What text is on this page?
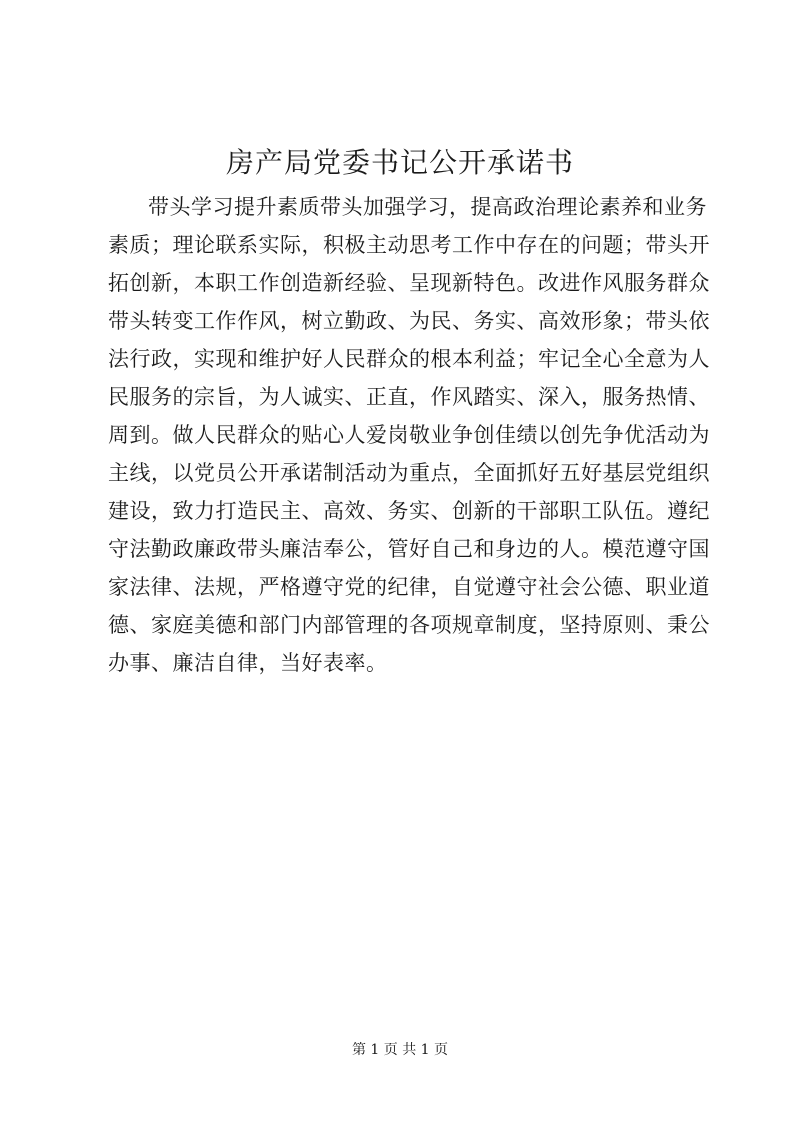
房产局党委书记公开承诺书
带头学习提升素质带头加强学习，提高政治理论素养和业务
素质；理论联系实际，积极主动思考工作中存在的问题；带头开
拓创新，本职工作创造新经验、呈现新特色。改进作风服务群众
带头转变工作作风，树立勤政、为民、务实、高效形象；带头依
法行政，实现和维护好人民群众的根本利益；牢记全心全意为人
民服务的宗旨，为人诚实、正直，作风踏实、深入，服务热情、
周到。做人民群众的贴心人爱岗敬业争创佳绩以创先争优活动为
主线，以党员公开承诺制活动为重点，全面抓好五好基层党组织
建设，致力打造民主、高效、务实、创新的干部职工队伍。遵纪
守法勤政廉政带头廉洁奉公，管好自己和身边的人。模范遵守国
家法律、法规，严格遵守党的纪律，自觉遵守社会公德、职业道
德、家庭美德和部门内部管理的各项规章制度，坚持原则、秉公
办事、廉洁自律，当好表率。
第 1 页 共 1 页
